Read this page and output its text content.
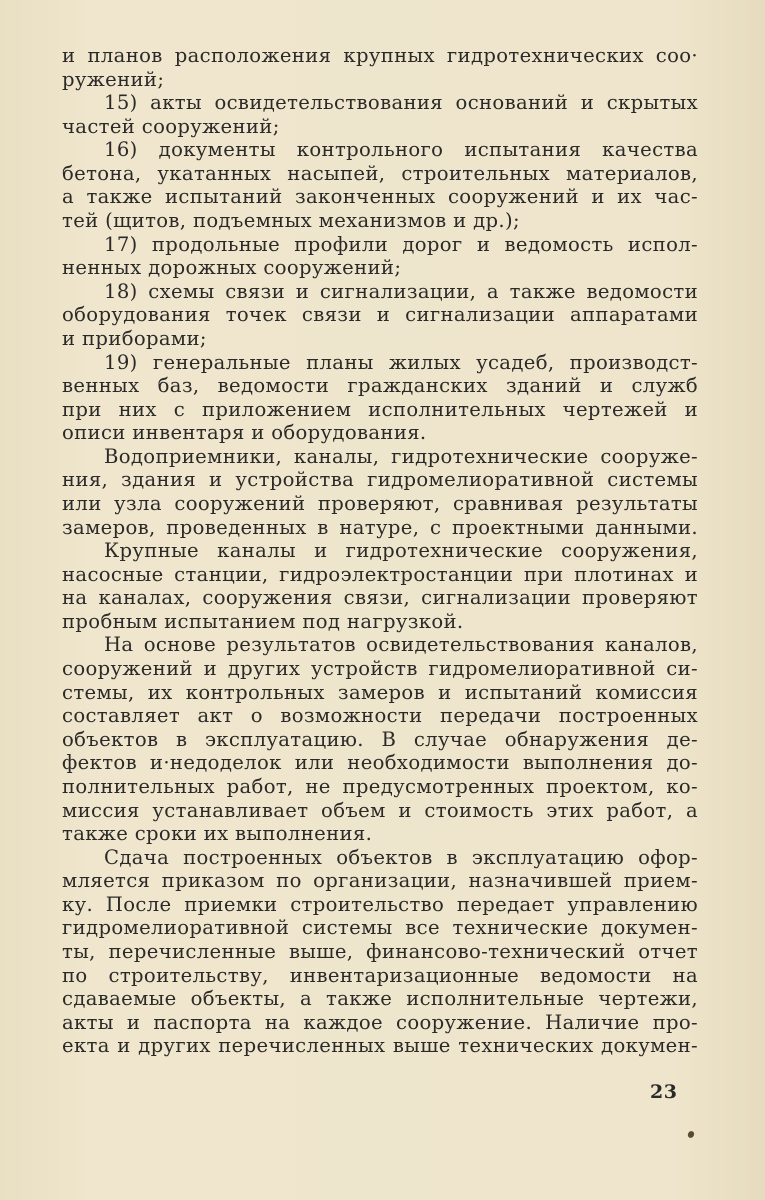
и планов расположения крупных гидротехнических соо·
ружений;
15) акты освидетельствования оснований и скрытых
частей сооружений;
16) документы контрольного испытания качества
бетона, укатанных насыпей, строительных материалов,
а также испытаний законченных сооружений и их час-
тей (щитов, подъемных механизмов и др.);
17) продольные профили дорог и ведомость испол-
ненных дорожных сооружений;
18) схемы связи и сигнализации, а также ведомости
оборудования точек связи и сигнализации аппаратами
и приборами;
19) генеральные планы жилых усадеб, производст-
венных баз, ведомости гражданских зданий и служб
при них с приложением исполнительных чертежей и
описи инвентаря и оборудования.
Водоприемники, каналы, гидротехнические сооруже-
ния, здания и устройства гидромелиоративной системы
или узла сооружений проверяют, сравнивая результаты
замеров, проведенных в натуре, с проектными данными.
Крупные каналы и гидротехнические сооружения,
насосные станции, гидроэлектростанции при плотинах и
на каналах, сооружения связи, сигнализации проверяют
пробным испытанием под нагрузкой.
На основе результатов освидетельствования каналов,
сооружений и других устройств гидромелиоративной си-
стемы, их контрольных замеров и испытаний комиссия
составляет акт о возможности передачи построенных
объектов в эксплуатацию. В случае обнаружения де-
фектов и·недоделок или необходимости выполнения до-
полнительных работ, не предусмотренных проектом, ко-
миссия устанавливает объем и стоимость этих работ, а
также сроки их выполнения.
Сдача построенных объектов в эксплуатацию офор-
мляется приказом по организации, назначившей прием-
ку. После приемки строительство передает управлению
гидромелиоративной системы все технические докумен-
ты, перечисленные выше, финансово-технический отчет
по строительству, инвентаризационные ведомости на
сдаваемые объекты, а также исполнительные чертежи,
акты и паспорта на каждое сооружение. Наличие про-
екта и других перечисленных выше технических докумен-
23
